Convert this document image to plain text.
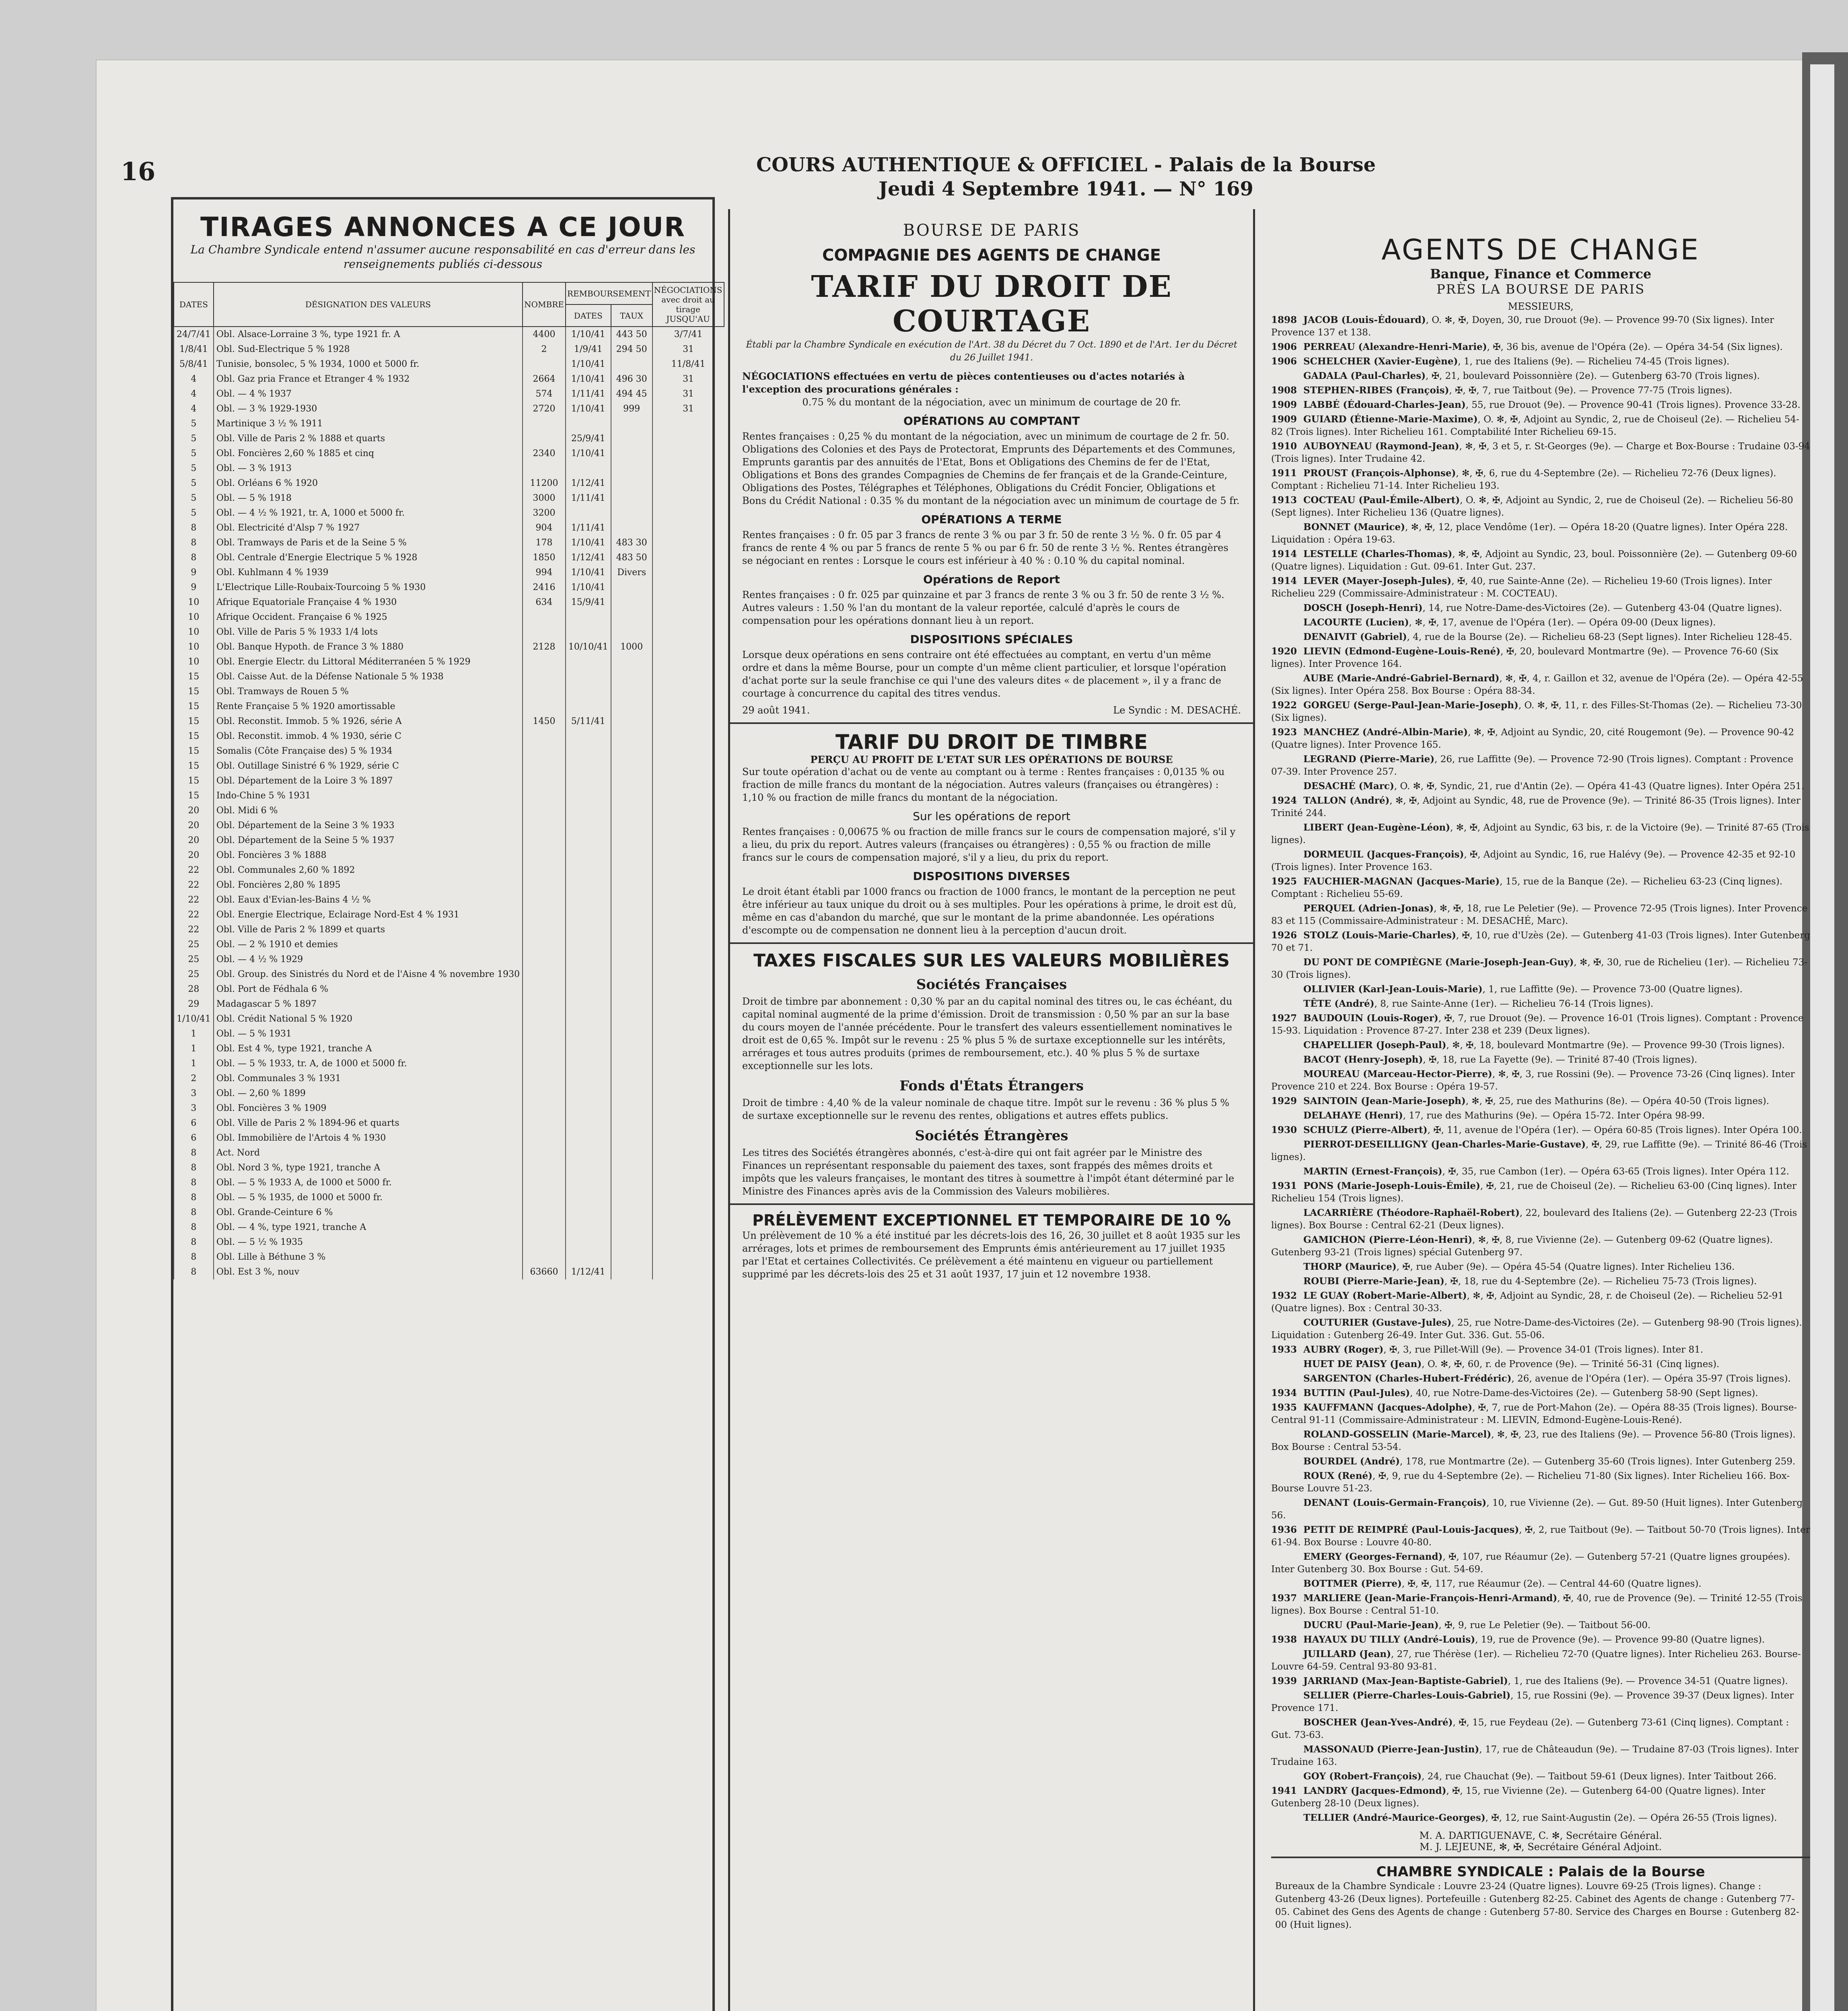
16	COURS AUTHENTIQUE & OFFICIEL - Palais de la Bourse
Jeudi 4 Septembre 1941. — N° 169
TIRAGES ANNONCES A CE JOUR
La Chambre Syndicale entend n'assumer aucune responsabilité en cas d'erreur dans les renseignements publiés ci-dessous
DATES	DÉSIGNATION DES VALEURS	NOMBRE	REMBOURSEMENT		NÉGOCIATIONS avec droit au tirage JUSQU'AU
			DATES	TAUX	
24/7/41	Obl. Alsace-Lorraine 3 %, type 1921 fr. A	4400	1/10/41	443 50	3/7/41
1/8/41	Obl. Sud-Electrique 5 % 1928	2	1/9/41	294 50	31
5/8/41	Tunisie, bonsolec, 5 % 1934, 1000 et 5000 fr.		1/10/41		11/8/41
4	Obl. Gaz pria France et Etranger 4 % 1932	2664	1/10/41	496 30	31
4	Obl. — 4 % 1937	574	1/11/41	494 45	31
4	Obl. — 3 % 1929-1930	2720	1/10/41	999	31
5	Martinique 3 ½ % 1911				
5	Obl. Ville de Paris 2 % 1888 et quarts		25/9/41		
5	Obl. Foncières 2,60 % 1885 et cinq	2340	1/10/41		
5	Obl. — 3 % 1913				
5	Obl. Orléans 6 % 1920	11200	1/12/41		
5	Obl. — 5 % 1918	3000	1/11/41		
5	Obl. — 4 ½ % 1921, tr. A, 1000 et 5000 fr.	3200			
8	Obl. Electricité d'Alsp 7 % 1927	904	1/11/41		
8	Obl. Tramways de Paris et de la Seine 5 %	178	1/10/41	483 30	
8	Obl. Centrale d'Energie Electrique 5 % 1928	1850	1/12/41	483 50	
9	Obl. Kuhlmann 4 % 1939	994	1/10/41	Divers	
9	L'Electrique Lille-Roubaix-Tourcoing 5 % 1930	2416	1/10/41		
10	Afrique Equatoriale Française 4 % 1930	634	15/9/41		
10	Afrique Occident. Française 6 % 1925				
10	Obl. Ville de Paris 5 % 1933 1/4 lots				
10	Obl. Banque Hypoth. de France 3 % 1880	2128	10/10/41	1000	
10	Obl. Energie Electr. du Littoral Méditerranéen 5 % 1929				
15	Obl. Caisse Aut. de la Défense Nationale 5 % 1938				
15	Obl. Tramways de Rouen 5 %				
15	Rente Française 5 % 1920 amortissable				
15	Obl. Reconstit. Immob. 5 % 1926, série A	1450	5/11/41		
15	Obl. Reconstit. immob. 4 % 1930, série C				
15	Somalis (Côte Française des) 5 % 1934				
15	Obl. Outillage Sinistré 6 % 1929, série C				
15	Obl. Département de la Loire 3 % 1897				
15	Indo-Chine 5 % 1931				
20	Obl. Midi 6 %				
20	Obl. Département de la Seine 3 % 1933				
20	Obl. Département de la Seine 5 % 1937				
20	Obl. Foncières 3 % 1888				
22	Obl. Communales 2,60 % 1892				
22	Obl. Foncières 2,80 % 1895				
22	Obl. Eaux d'Evian-les-Bains 4 ½ %				
22	Obl. Energie Electrique, Eclairage Nord-Est 4 % 1931				
22	Obl. Ville de Paris 2 % 1899 et quarts				
25	Obl. — 2 % 1910 et demies				
25	Obl. — 4 ½ % 1929				
25	Obl. Group. des Sinistrés du Nord et de l'Aisne 4 % novembre 1930				
28	Obl. Port de Fédhala 6 %				
29	Madagascar 5 % 1897				
1/10/41	Obl. Crédit National 5 % 1920				
1	Obl. — 5 % 1931				
1	Obl. Est 4 %, type 1921, tranche A				
1	Obl. — 5 % 1933, tr. A, de 1000 et 5000 fr.				
2	Obl. Communales 3 % 1931				
3	Obl. — 2,60 % 1899				
3	Obl. Foncières 3 % 1909				
6	Obl. Ville de Paris 2 % 1894-96 et quarts				
6	Obl. Immobilière de l'Artois 4 % 1930				
8	Act. Nord				
8	Obl. Nord 3 %, type 1921, tranche A				
8	Obl. — 5 % 1933 A, de 1000 et 5000 fr.				
8	Obl. — 5 % 1935, de 1000 et 5000 fr.				
8	Obl. Grande-Ceinture 6 %				
8	Obl. — 4 %, type 1921, tranche A				
8	Obl. — 5 ½ % 1935				
8	Obl. Lille à Béthune 3 %				
8	Obl. Est 3 %, nouv	63660	1/12/41		
BOURSE DE PARIS
COMPAGNIE DES AGENTS DE CHANGE
TARIF DU DROIT DE COURTAGE
Établi par la Chambre Syndicale en exécution de l'Art. 38 du Décret du 7 Oct. 1890 et de l'Art. 1er du Décret du 26 Juillet 1941.
NÉGOCIATIONS effectuées en vertu de pièces contentieuses ou d'actes notariés à l'exception des procurations générales :
0.75 % du montant de la négociation, avec un minimum de courtage de 20 fr.
OPÉRATIONS AU COMPTANT
Rentes françaises : 0,25 % du montant de la négociation, avec un minimum de courtage de 2 fr. 50. Obligations des Colonies et des Pays de Protectorat, Emprunts des Départements et des Communes, Emprunts garantis par des annuités de l'Etat, Bons et Obligations des Chemins de fer de l'Etat, Obligations et Bons des grandes Compagnies de Chemins de fer français et de la Grande-Ceinture, Obligations des Postes, Télégraphes et Téléphones, Obligations du Crédit Foncier, Obligations et Bons du Crédit National : 0.35 % du montant de la négociation avec un minimum de courtage de 5 fr.
OPÉRATIONS A TERME
Rentes françaises : 0 fr. 05 par 3 francs de rente 3 % ou par 3 fr. 50 de rente 3 ½ %. 0 fr. 05 par 4 francs de rente 4 % ou par 5 francs de rente 5 % ou par 6 fr. 50 de rente 3 ½ %. Rentes étrangères se négociant en rentes : Lorsque le cours est inférieur à 40 % : 0.10 % du capital nominal.
Opérations de Report
Rentes françaises : 0 fr. 025 par quinzaine et par 3 francs de rente 3 % ou 3 fr. 50 de rente 3 ½ %. Autres valeurs : 1.50 % l'an du montant de la valeur reportée, calculé d'après le cours de compensation pour les opérations donnant lieu à un report.
DISPOSITIONS SPÉCIALES
Lorsque deux opérations en sens contraire ont été effectuées au comptant, en vertu d'un même ordre et dans la même Bourse, pour un compte d'un même client particulier, et lorsque l'opération d'achat porte sur la seule franchise ce qui l'une des valeurs dites « de placement », il y a franc de courtage à concurrence du capital des titres vendus.
29 août 1941.	Le Syndic : M. DESACHÉ.
TARIF DU DROIT DE TIMBRE
PERÇU AU PROFIT DE L'ETAT SUR LES OPÉRATIONS DE BOURSE
Sur toute opération d'achat ou de vente au comptant ou à terme : Rentes françaises : 0,0135 % ou fraction de mille francs du montant de la négociation. Autres valeurs (françaises ou étrangères) : 1,10 % ou fraction de mille francs du montant de la négociation.
Sur les opérations de report
Rentes françaises : 0,00675 % ou fraction de mille francs sur le cours de compensation majoré, s'il y a lieu, du prix du report. Autres valeurs (françaises ou étrangères) : 0,55 % ou fraction de mille francs sur le cours de compensation majoré, s'il y a lieu, du prix du report.
DISPOSITIONS DIVERSES
Le droit étant établi par 1000 francs ou fraction de 1000 francs, le montant de la perception ne peut être inférieur au taux unique du droit ou à ses multiples. Pour les opérations à prime, le droit est dû, même en cas d'abandon du marché, que sur le montant de la prime abandonnée. Les opérations d'escompte ou de compensation ne donnent lieu à la perception d'aucun droit.
TAXES FISCALES SUR LES VALEURS MOBILIÈRES
Sociétés Françaises
Droit de timbre par abonnement : 0,30 % par an du capital nominal des titres ou, le cas échéant, du capital nominal augmenté de la prime d'émission. Droit de transmission : 0,50 % par an sur la base du cours moyen de l'année précédente. Pour le transfert des valeurs essentiellement nominatives le droit est de 0,65 %. Impôt sur le revenu : 25 % plus 5 % de surtaxe exceptionnelle sur les intérêts, arrérages et tous autres produits (primes de remboursement, etc.). 40 % plus 5 % de surtaxe exceptionnelle sur les lots.
Fonds d'États Étrangers
Droit de timbre : 4,40 % de la valeur nominale de chaque titre. Impôt sur le revenu : 36 % plus 5 % de surtaxe exceptionnelle sur le revenu des rentes, obligations et autres effets publics.
Sociétés Étrangères
Les titres des Sociétés étrangères abonnés, c'est-à-dire qui ont fait agréer par le Ministre des Finances un représentant responsable du paiement des taxes, sont frappés des mêmes droits et impôts que les valeurs françaises, le montant des titres à soumettre à l'impôt étant déterminé par le Ministre des Finances après avis de la Commission des Valeurs mobilières.
PRÉLÈVEMENT EXCEPTIONNEL ET TEMPORAIRE DE 10 %
Un prélèvement de 10 % a été institué par les décrets-lois des 16, 26, 30 juillet et 8 août 1935 sur les arrérages, lots et primes de remboursement des Emprunts émis antérieurement au 17 juillet 1935 par l'Etat et certaines Collectivités. Ce prélèvement a été maintenu en vigueur ou partiellement supprimé par les décrets-lois des 25 et 31 août 1937, 17 juin et 12 novembre 1938.
AGENTS DE CHANGE
Banque, Finance et Commerce
PRÈS LA BOURSE DE PARIS
MESSIEURS,
1898 JACOB (Louis-Édouard), O. ✻, ✠, Doyen, 30, rue Drouot (9e). — Provence 99-70 (Six lignes). Inter Provence 137 et 138.
1906 PERREAU (Alexandre-Henri-Marie), ✠, 36 bis, avenue de l'Opéra (2e). — Opéra 34-54 (Six lignes).
1906 SCHELCHER (Xavier-Eugène), 1, rue des Italiens (9e). — Richelieu 74-45 (Trois lignes).
GADALA (Paul-Charles), ✠, 21, boulevard Poissonnière (2e). — Gutenberg 63-70 (Trois lignes).
1908 STEPHEN-RIBES (François), ✠, ✠, 7, rue Taitbout (9e). — Provence 77-75 (Trois lignes).
1909 LABBÉ (Édouard-Charles-Jean), 55, rue Drouot (9e). — Provence 90-41 (Trois lignes). Provence 33-28.
1909 GUIARD (Étienne-Marie-Maxime), O. ✻, ✠, Adjoint au Syndic, 2, rue de Choiseul (2e). — Richelieu 54-82 (Trois lignes). Inter Richelieu 161. Comptabilité Inter Richelieu 69-15.
1910 AUBOYNEAU (Raymond-Jean), ✻, ✠, 3 et 5, r. St-Georges (9e). — Charge et Box-Bourse : Trudaine 03-94 (Trois lignes). Inter Trudaine 42.
1911 PROUST (François-Alphonse), ✻, ✠, 6, rue du 4-Septembre (2e). — Richelieu 72-76 (Deux lignes). Comptant : Richelieu 71-14. Inter Richelieu 193.
1913 COCTEAU (Paul-Émile-Albert), O. ✻, ✠, Adjoint au Syndic, 2, rue de Choiseul (2e). — Richelieu 56-80 (Sept lignes). Inter Richelieu 136 (Quatre lignes).
BONNET (Maurice), ✻, ✠, 12, place Vendôme (1er). — Opéra 18-20 (Quatre lignes). Inter Opéra 228. Liquidation : Opéra 19-63.
1914 LESTELLE (Charles-Thomas), ✻, ✠, Adjoint au Syndic, 23, boul. Poissonnière (2e). — Gutenberg 09-60 (Quatre lignes). Liquidation : Gut. 09-61. Inter Gut. 237.
1914 LEVER (Mayer-Joseph-Jules), ✠, 40, rue Sainte-Anne (2e). — Richelieu 19-60 (Trois lignes). Inter Richelieu 229 (Commissaire-Administrateur : M. COCTEAU).
DOSCH (Joseph-Henri), 14, rue Notre-Dame-des-Victoires (2e). — Gutenberg 43-04 (Quatre lignes).
LACOURTE (Lucien), ✻, ✠, 17, avenue de l'Opéra (1er). — Opéra 09-00 (Deux lignes).
DENAIVIT (Gabriel), 4, rue de la Bourse (2e). — Richelieu 68-23 (Sept lignes). Inter Richelieu 128-45.
1920 LIEVIN (Edmond-Eugène-Louis-René), ✠, 20, boulevard Montmartre (9e). — Provence 76-60 (Six lignes). Inter Provence 164.
AUBE (Marie-André-Gabriel-Bernard), ✻, ✠, 4, r. Gaillon et 32, avenue de l'Opéra (2e). — Opéra 42-55 (Six lignes). Inter Opéra 258. Box Bourse : Opéra 88-34.
1922 GORGEU (Serge-Paul-Jean-Marie-Joseph), O. ✻, ✠, 11, r. des Filles-St-Thomas (2e). — Richelieu 73-30 (Six lignes).
1923 MANCHEZ (André-Albin-Marie), ✻, ✠, Adjoint au Syndic, 20, cité Rougemont (9e). — Provence 90-42 (Quatre lignes). Inter Provence 165.
LEGRAND (Pierre-Marie), 26, rue Laffitte (9e). — Provence 72-90 (Trois lignes). Comptant : Provence 07-39. Inter Provence 257.
DESACHÉ (Marc), O. ✻, ✠, Syndic, 21, rue d'Antin (2e). — Opéra 41-43 (Quatre lignes). Inter Opéra 251.
1924 TALLON (André), ✻, ✠, Adjoint au Syndic, 48, rue de Provence (9e). — Trinité 86-35 (Trois lignes). Inter Trinité 244.
LIBERT (Jean-Eugène-Léon), ✻, ✠, Adjoint au Syndic, 63 bis, r. de la Victoire (9e). — Trinité 87-65 (Trois lignes).
DORMEUIL (Jacques-François), ✠, Adjoint au Syndic, 16, rue Halévy (9e). — Provence 42-35 et 92-10 (Trois lignes). Inter Provence 163.
1925 FAUCHIER-MAGNAN (Jacques-Marie), 15, rue de la Banque (2e). — Richelieu 63-23 (Cinq lignes). Comptant : Richelieu 55-69.
PERQUEL (Adrien-Jonas), ✻, ✠, 18, rue Le Peletier (9e). — Provence 72-95 (Trois lignes). Inter Provence 83 et 115 (Commissaire-Administrateur : M. DESACHÉ, Marc).
1926 STOLZ (Louis-Marie-Charles), ✠, 10, rue d'Uzès (2e). — Gutenberg 41-03 (Trois lignes). Inter Gutenberg 70 et 71.
DU PONT DE COMPIÈGNE (Marie-Joseph-Jean-Guy), ✻, ✠, 30, rue de Richelieu (1er). — Richelieu 73-30 (Trois lignes).
OLLIVIER (Karl-Jean-Louis-Marie), 1, rue Laffitte (9e). — Provence 73-00 (Quatre lignes).
TÊTE (André), 8, rue Sainte-Anne (1er). — Richelieu 76-14 (Trois lignes).
1927 BAUDOUIN (Louis-Roger), ✠, 7, rue Drouot (9e). — Provence 16-01 (Trois lignes). Comptant : Provence 15-93. Liquidation : Provence 87-27. Inter 238 et 239 (Deux lignes).
CHAPELLIER (Joseph-Paul), ✻, ✠, 18, boulevard Montmartre (9e). — Provence 99-30 (Trois lignes).
BACOT (Henry-Joseph), ✠, 18, rue La Fayette (9e). — Trinité 87-40 (Trois lignes).
MOUREAU (Marceau-Hector-Pierre), ✻, ✠, 3, rue Rossini (9e). — Provence 73-26 (Cinq lignes). Inter Provence 210 et 224. Box Bourse : Opéra 19-57.
1929 SAINTOIN (Jean-Marie-Joseph), ✻, ✠, 25, rue des Mathurins (8e). — Opéra 40-50 (Trois lignes).
DELAHAYE (Henri), 17, rue des Mathurins (9e). — Opéra 15-72. Inter Opéra 98-99.
1930 SCHULZ (Pierre-Albert), ✠, 11, avenue de l'Opéra (1er). — Opéra 60-85 (Trois lignes). Inter Opéra 100.
PIERROT-DESEILLIGNY (Jean-Charles-Marie-Gustave), ✠, 29, rue Laffitte (9e). — Trinité 86-46 (Trois lignes).
MARTIN (Ernest-François), ✠, 35, rue Cambon (1er). — Opéra 63-65 (Trois lignes). Inter Opéra 112.
1931 PONS (Marie-Joseph-Louis-Émile), ✠, 21, rue de Choiseul (2e). — Richelieu 63-00 (Cinq lignes). Inter Richelieu 154 (Trois lignes).
LACARRIÈRE (Théodore-Raphaël-Robert), 22, boulevard des Italiens (2e). — Gutenberg 22-23 (Trois lignes). Box Bourse : Central 62-21 (Deux lignes).
GAMICHON (Pierre-Léon-Henri), ✻, ✠, 8, rue Vivienne (2e). — Gutenberg 09-62 (Quatre lignes). Gutenberg 93-21 (Trois lignes) spécial Gutenberg 97.
THORP (Maurice), ✠, rue Auber (9e). — Opéra 45-54 (Quatre lignes). Inter Richelieu 136.
ROUBI (Pierre-Marie-Jean), ✠, 18, rue du 4-Septembre (2e). — Richelieu 75-73 (Trois lignes).
1932 LE GUAY (Robert-Marie-Albert), ✻, ✠, Adjoint au Syndic, 28, r. de Choiseul (2e). — Richelieu 52-91 (Quatre lignes). Box : Central 30-33.
COUTURIER (Gustave-Jules), 25, rue Notre-Dame-des-Victoires (2e). — Gutenberg 98-90 (Trois lignes). Liquidation : Gutenberg 26-49. Inter Gut. 336. Gut. 55-06.
1933 AUBRY (Roger), ✠, 3, rue Pillet-Will (9e). — Provence 34-01 (Trois lignes). Inter 81.
HUET DE PAISY (Jean), O. ✻, ✠, 60, r. de Provence (9e). — Trinité 56-31 (Cinq lignes).
SARGENTON (Charles-Hubert-Frédéric), 26, avenue de l'Opéra (1er). — Opéra 35-97 (Trois lignes).
1934 BUTTIN (Paul-Jules), 40, rue Notre-Dame-des-Victoires (2e). — Gutenberg 58-90 (Sept lignes).
1935 KAUFFMANN (Jacques-Adolphe), ✠, 7, rue de Port-Mahon (2e). — Opéra 88-35 (Trois lignes). Bourse-Central 91-11 (Commissaire-Administrateur : M. LIEVIN, Edmond-Eugène-Louis-René).
ROLAND-GOSSELIN (Marie-Marcel), ✻, ✠, 23, rue des Italiens (9e). — Provence 56-80 (Trois lignes). Box Bourse : Central 53-54.
BOURDEL (André), 178, rue Montmartre (2e). — Gutenberg 35-60 (Trois lignes). Inter Gutenberg 259.
ROUX (René), ✠, 9, rue du 4-Septembre (2e). — Richelieu 71-80 (Six lignes). Inter Richelieu 166. Box-Bourse Louvre 51-23.
DENANT (Louis-Germain-François), 10, rue Vivienne (2e). — Gut. 89-50 (Huit lignes). Inter Gutenberg 56.
1936 PETIT DE REIMPRÉ (Paul-Louis-Jacques), ✠, 2, rue Taitbout (9e). — Taitbout 50-70 (Trois lignes). Inter 61-94. Box Bourse : Louvre 40-80.
EMERY (Georges-Fernand), ✠, 107, rue Réaumur (2e). — Gutenberg 57-21 (Quatre lignes groupées). Inter Gutenberg 30. Box Bourse : Gut. 54-69.
BOTTMER (Pierre), ✠, ✠, 117, rue Réaumur (2e). — Central 44-60 (Quatre lignes).
1937 MARLIERE (Jean-Marie-François-Henri-Armand), ✠, 40, rue de Provence (9e). — Trinité 12-55 (Trois lignes). Box Bourse : Central 51-10.
DUCRU (Paul-Marie-Jean), ✠, 9, rue Le Peletier (9e). — Taitbout 56-00.
1938 HAYAUX DU TILLY (André-Louis), 19, rue de Provence (9e). — Provence 99-80 (Quatre lignes).
JUILLARD (Jean), 27, rue Thérèse (1er). — Richelieu 72-70 (Quatre lignes). Inter Richelieu 263. Bourse-Louvre 64-59. Central 93-80 93-81.
1939 JARRIAND (Max-Jean-Baptiste-Gabriel), 1, rue des Italiens (9e). — Provence 34-51 (Quatre lignes).
SELLIER (Pierre-Charles-Louis-Gabriel), 15, rue Rossini (9e). — Provence 39-37 (Deux lignes). Inter Provence 171.
BOSCHER (Jean-Yves-André), ✠, 15, rue Feydeau (2e). — Gutenberg 73-61 (Cinq lignes). Comptant : Gut. 73-63.
MASSONAUD (Pierre-Jean-Justin), 17, rue de Châteaudun (9e). — Trudaine 87-03 (Trois lignes). Inter Trudaine 163.
GOY (Robert-François), 24, rue Chauchat (9e). — Taitbout 59-61 (Deux lignes). Inter Taitbout 266.
1941 LANDRY (Jacques-Edmond), ✠, 15, rue Vivienne (2e). — Gutenberg 64-00 (Quatre lignes). Inter Gutenberg 28-10 (Deux lignes).
TELLIER (André-Maurice-Georges), ✠, 12, rue Saint-Augustin (2e). — Opéra 26-55 (Trois lignes).
M. A. DARTIGUENAVE, C. ✻, Secrétaire Général.
M. J. LEJEUNE, ✻, ✠, Secrétaire Général Adjoint.
CHAMBRE SYNDICALE : Palais de la Bourse
Bureaux de la Chambre Syndicale : Louvre 23-24 (Quatre lignes). Louvre 69-25 (Trois lignes). Change : Gutenberg 43-26 (Deux lignes). Portefeuille : Gutenberg 82-25. Cabinet des Agents de change : Gutenberg 77-05. Cabinet des Gens des Agents de change : Gutenberg 57-80. Service des Charges en Bourse : Gutenberg 82-00 (Huit lignes).
